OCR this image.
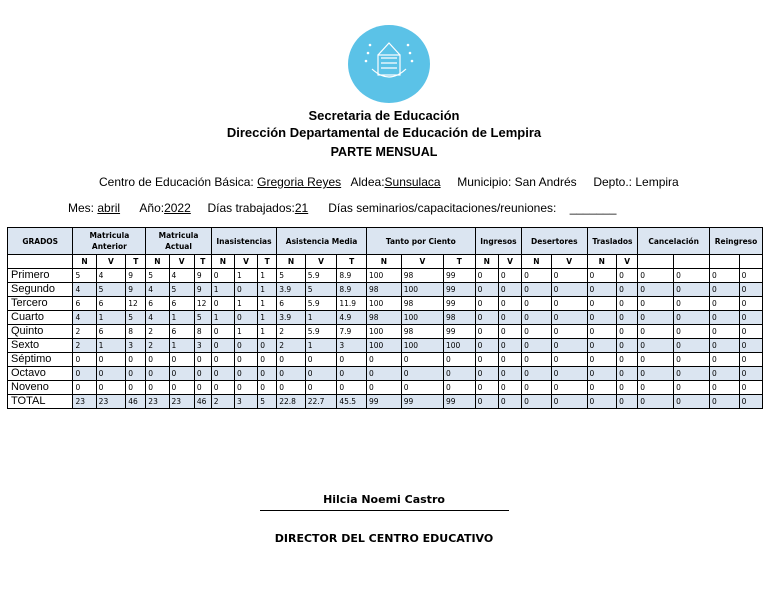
Secretaria de Educación
Dirección Departamental de Educación de Lempira
PARTE MENSUAL
Centro de Educación Básica: Gregoria Reyes Aldea:Sunsulaca Municipio: San Andrés Depto.: Lempira
Mes: abril Año:2022 Días trabajados:21 Días seminarios/capacitaciones/reuniones: _______
GRADOS	Matricula Anterior			Matricula Actual			Inasistencias			Asistencia Media			Tanto por Ciento			Ingresos		Desertores		Traslados		Cancelación		Reingreso	
	N	V	T	N	V	T	N	V	T	N	V	T	N	V	T	N	V	N	V	N	V				
Primero	5	4	9	5	4	9	0	1	1	5	5.9	8.9	100	98	99	0	0	0	0	0	0	0	0	0	0
Segundo	4	5	9	4	5	9	1	0	1	3.9	5	8.9	98	100	99	0	0	0	0	0	0	0	0	0	0
Tercero	6	6	12	6	6	12	0	1	1	6	5.9	11.9	100	98	99	0	0	0	0	0	0	0	0	0	0
Cuarto	4	1	5	4	1	5	1	0	1	3.9	1	4.9	98	100	98	0	0	0	0	0	0	0	0	0	0
Quinto	2	6	8	2	6	8	0	1	1	2	5.9	7.9	100	98	99	0	0	0	0	0	0	0	0	0	0
Sexto	2	1	3	2	1	3	0	0	0	2	1	3	100	100	100	0	0	0	0	0	0	0	0	0	0
Séptimo	0	0	0	0	0	0	0	0	0	0	0	0	0	0	0	0	0	0	0	0	0	0	0	0	0
Octavo	0	0	0	0	0	0	0	0	0	0	0	0	0	0	0	0	0	0	0	0	0	0	0	0	0
Noveno	0	0	0	0	0	0	0	0	0	0	0	0	0	0	0	0	0	0	0	0	0	0	0	0	0
TOTAL	23	23	46	23	23	46	2	3	5	22.8	22.7	45.5	99	99	99	0	0	0	0	0	0	0	0	0	0
Hilcia Noemi Castro
DIRECTOR DEL CENTRO EDUCATIVO
